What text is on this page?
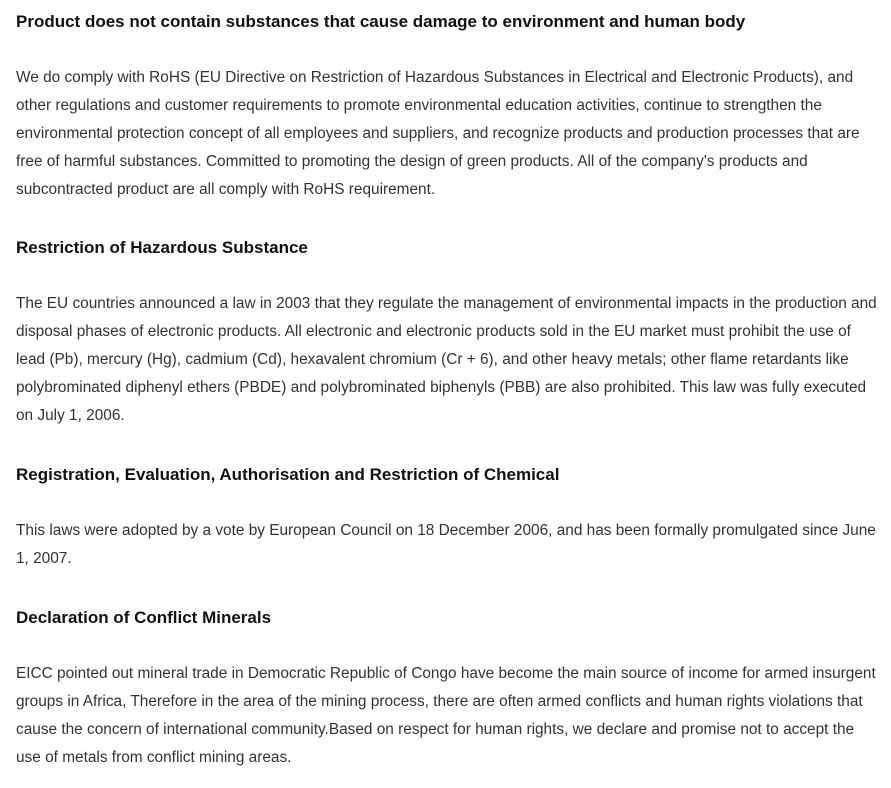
Product does not contain substances that cause damage to environment and human body

We do comply with RoHS (EU Directive on Restriction of Hazardous Substances in Electrical and Electronic Products), and other regulations and customer requirements to promote environmental education activities, continue to strengthen the environmental protection concept of all employees and suppliers, and recognize products and production processes that are free of harmful substances. Committed to promoting the design of green products. All of the company's products and subcontracted product are all comply with RoHS requirement.

Restriction of Hazardous Substance

The EU countries announced a law in 2003 that they regulate the management of environmental impacts in the production and disposal phases of electronic products. All electronic and electronic products sold in the EU market must prohibit the use of lead (Pb), mercury (Hg), cadmium (Cd), hexavalent chromium (Cr + 6), and other heavy metals; other flame retardants like polybrominated diphenyl ethers (PBDE) and polybrominated biphenyls (PBB) are also prohibited. This law was fully executed on July 1, 2006.

Registration, Evaluation, Authorisation and Restriction of Chemical

This laws were adopted by a vote by European Council on 18 December 2006, and has been formally promulgated since June 1, 2007.

Declaration of Conflict Minerals

EICC pointed out mineral trade in Democratic Republic of Congo have become the main source of income for armed insurgent groups in Africa, Therefore in the area of the mining process, there are often armed conflicts and human rights violations that cause the concern of international community.Based on respect for human rights, we declare and promise not to accept the use of metals from conflict mining areas.
